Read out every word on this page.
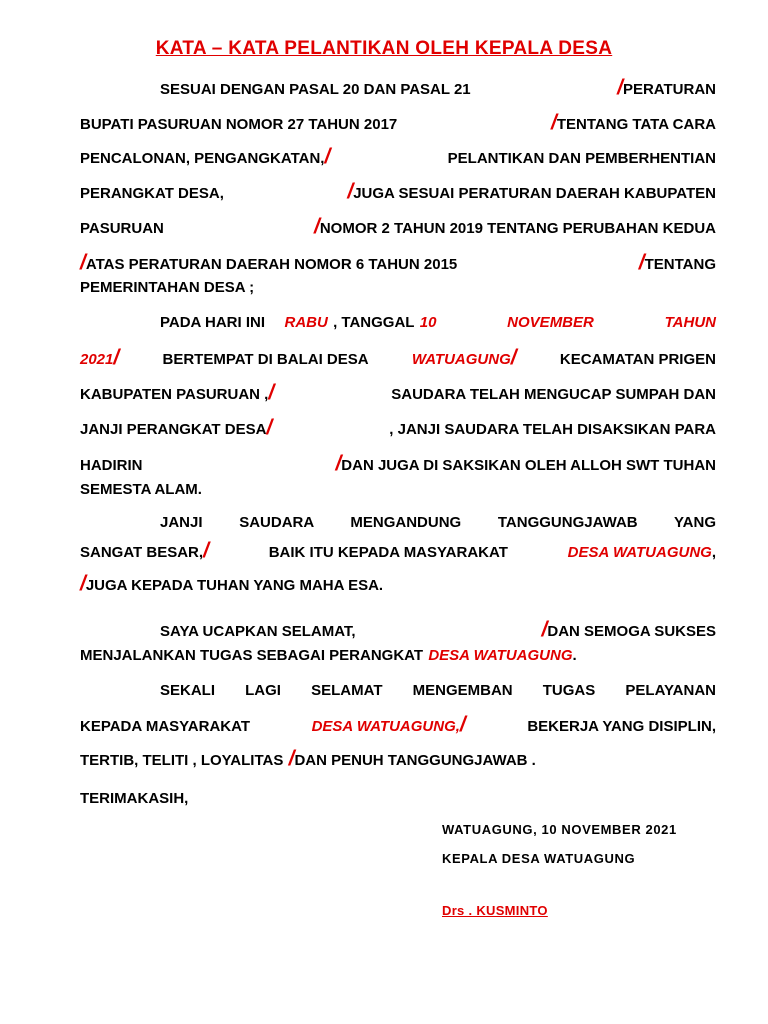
KATA – KATA PELANTIKAN OLEH KEPALA DESA
SESUAI DENGAN PASAL 20 DAN PASAL 21	/PERATURAN
BUPATI PASURUAN NOMOR 27 TAHUN 2017	/TENTANG TATA CARA
PENCALONAN, PENGANGKATAN,/	PELANTIKAN DAN PEMBERHENTIAN
PERANGKAT DESA,	/JUGA SESUAI PERATURAN DAERAH KABUPATEN
PASURUAN	/NOMOR 2 TAHUN 2019 TENTANG PERUBAHAN KEDUA
/ATAS PERATURAN DAERAH NOMOR 6 TAHUN 2015	/TENTANG
PEMERINTAHAN DESA ;
PADA HARI INI RABU , TANGGAL 10 NOVEMBER TAHUN
2021/	BERTEMPAT DI BALAI DESA	WATUAGUNG/	KECAMATAN PRIGEN
KABUPATEN PASURUAN ,/	SAUDARA TELAH MENGUCAP SUMPAH DAN
JANJI PERANGKAT DESA/	, JANJI SAUDARA TELAH DISAKSIKAN PARA
HADIRIN	/DAN JUGA DI SAKSIKAN OLEH ALLOH SWT TUHAN
SEMESTA ALAM.
JANJI SAUDARA MENGANDUNG TANGGUNGJAWAB YANG
SANGAT BESAR,/	BAIK ITU KEPADA MASYARAKAT	DESA WATUAGUNG,
/JUGA KEPADA TUHAN YANG MAHA ESA.
SAYA UCAPKAN SELAMAT,	/DAN SEMOGA SUKSES
MENJALANKAN TUGAS SEBAGAI PERANGKAT DESA WATUAGUNG.
SEKALI LAGI SELAMAT MENGEMBAN TUGAS PELAYANAN
KEPADA MASYARAKAT	DESA WATUAGUNG,/	BEKERJA YANG DISIPLIN,
TERTIB, TELITI , LOYALITAS /DAN PENUH TANGGUNGJAWAB .
TERIMAKASIH,
WATUAGUNG, 10 NOVEMBER 2021
KEPALA DESA WATUAGUNG
Drs . KUSMINTO
